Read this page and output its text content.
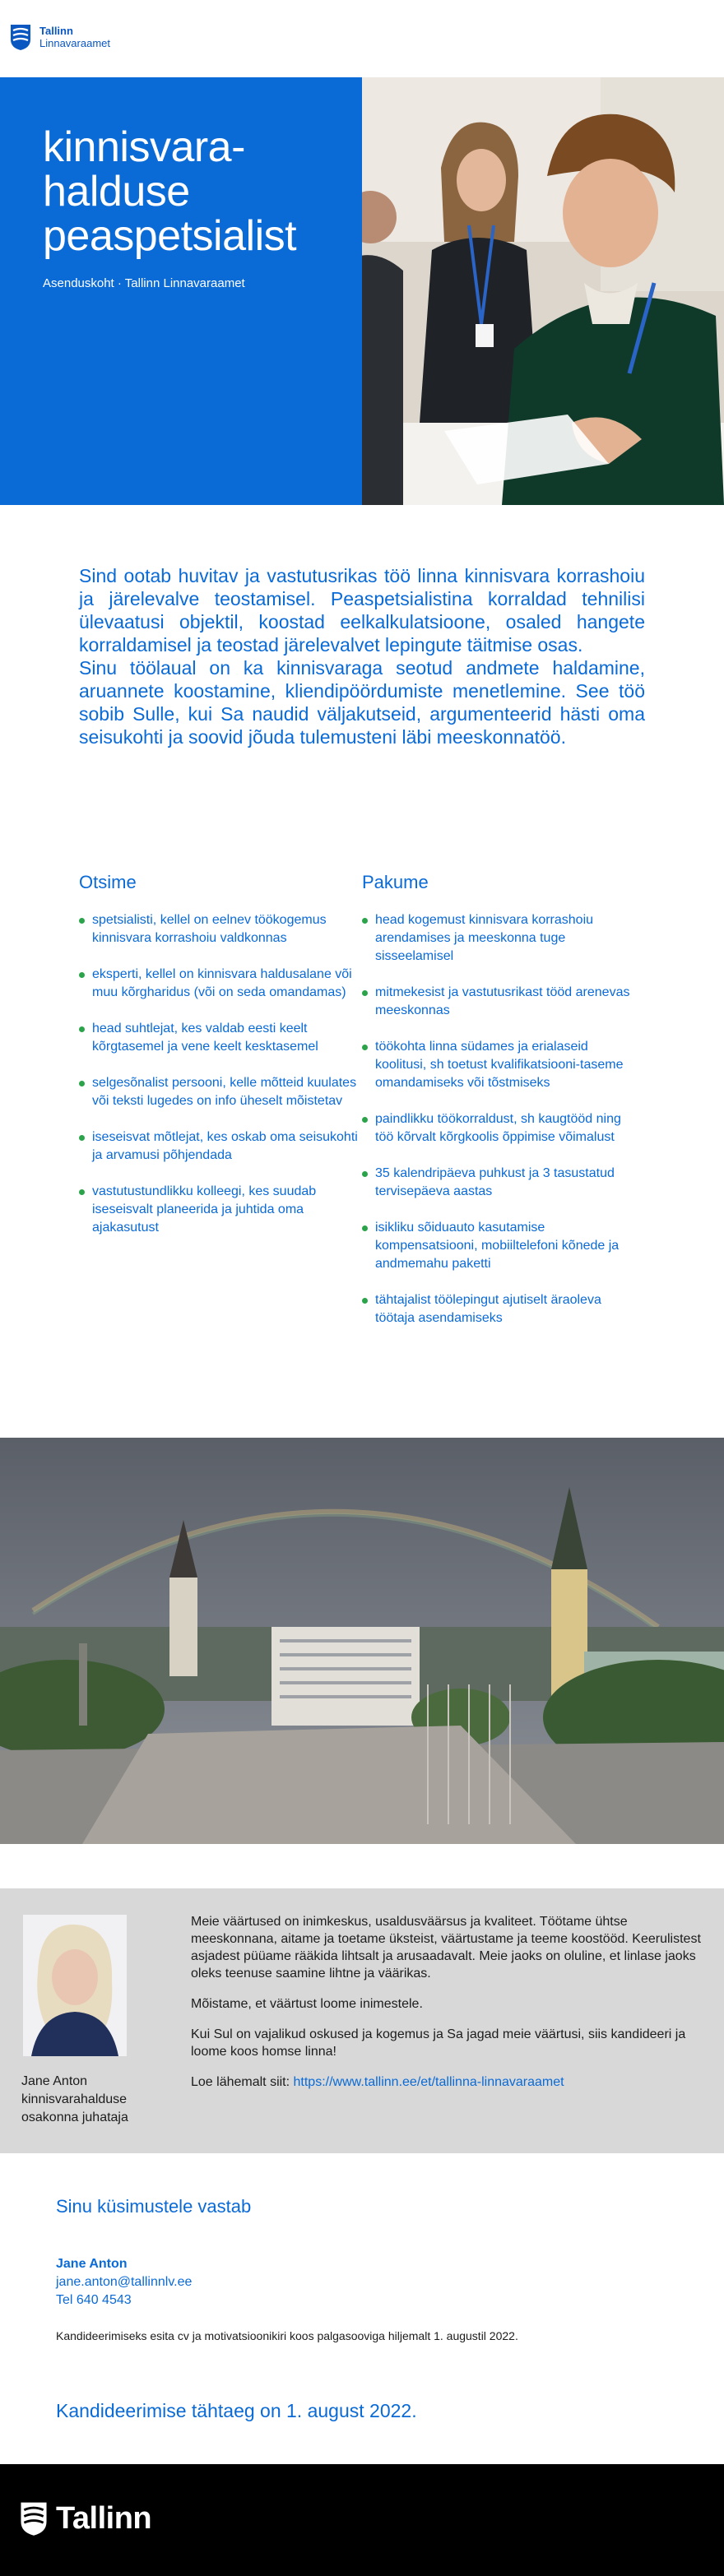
Tallinn
Linnavaraamet
kinnisvara-
halduse
peaspetsialist
Asenduskoht · Tallinn Linnavaraamet

Sind ootab huvitav ja vastutusrikas töö linna kinnisvara korrashoiu ja järelevalve teostamisel. Peaspetsialistina korraldad tehnilisi ülevaatusi objektil, koostad eelkalkulatsioone, osaled hangete korraldamisel ja teostad järelevalvet lepingute täitmise osas.

Sinu töölaual on ka kinnisvaraga seotud andmete haldamine, aruannete koostamine, kliendipöördumiste menetlemine. See töö sobib Sulle, kui Sa naudid väljakutseid, argumenteerid hästi oma seisukohti ja soovid jõuda tulemusteni läbi meeskonnatöö.

Otsime
spetsialisti, kellel on eelnev töökogemus kinnisvara korrashoiu valdkonnas
eksperti, kellel on kinnisvara haldusalane või muu kõrgharidus (või on seda omandamas)
head suhtlejat, kes valdab eesti keelt kõrgtasemel ja vene keelt kesktasemel
selgesõnalist persooni, kelle mõtteid kuulates või teksti lugedes on info üheselt mõistetav
iseseisvat mõtlejat, kes oskab oma seisukohti ja arvamusi põhjendada
vastutustundlikku kolleegi, kes suudab iseseisvalt planeerida ja juhtida oma ajakasutust
Pakume
head kogemust kinnisvara korrashoiu arendamises ja meeskonna tuge sisseelamisel
mitmekesist ja vastutusrikast tööd arenevas meeskonnas
töökohta linna südames ja erialaseid koolitusi, sh toetust kvalifikatsiooni-taseme omandamiseks või tõstmiseks
paindlikku töökorraldust, sh kaugtööd ning töö kõrvalt kõrgkoolis õppimise võimalust
35 kalendripäeva puhkust ja 3 tasustatud tervisepäeva aastas
isikliku sõiduauto kasutamise kompensatsiooni, mobiiltelefoni kõnede ja andmemahu paketti
tähtajalist töölepingut ajutiselt äraoleva töötaja asendamiseks
Jane Anton
kinnisvarahalduse osakonna juhataja

Meie väärtused on inimkeskus, usaldusväärsus ja kvaliteet. Töötame ühtse meeskonnana, aitame ja toetame üksteist, väärtustame ja teeme koostööd. Keerulistest asjadest püüame rääkida lihtsalt ja arusaadavalt. Meie jaoks on oluline, et linlase jaoks oleks teenuse saamine lihtne ja väärikas.

Mõistame, et väärtust loome inimestele.

Kui Sul on vajalikud oskused ja kogemus ja Sa jagad meie väärtusi, siis kandideeri ja loome koos homse linna!

Loe lähemalt siit: https://www.tallinn.ee/et/tallinna-linnavaraamet

Sinu küsimustele vastab
Jane Anton
jane.anton@tallinnlv.ee
Tel 640 4543
Kandideerimiseks esita cv ja motivatsioonikiri koos palgasooviga hiljemalt 1. augustil 2022.
Kandideerimise tähtaeg on 1. august 2022.
Tallinn
